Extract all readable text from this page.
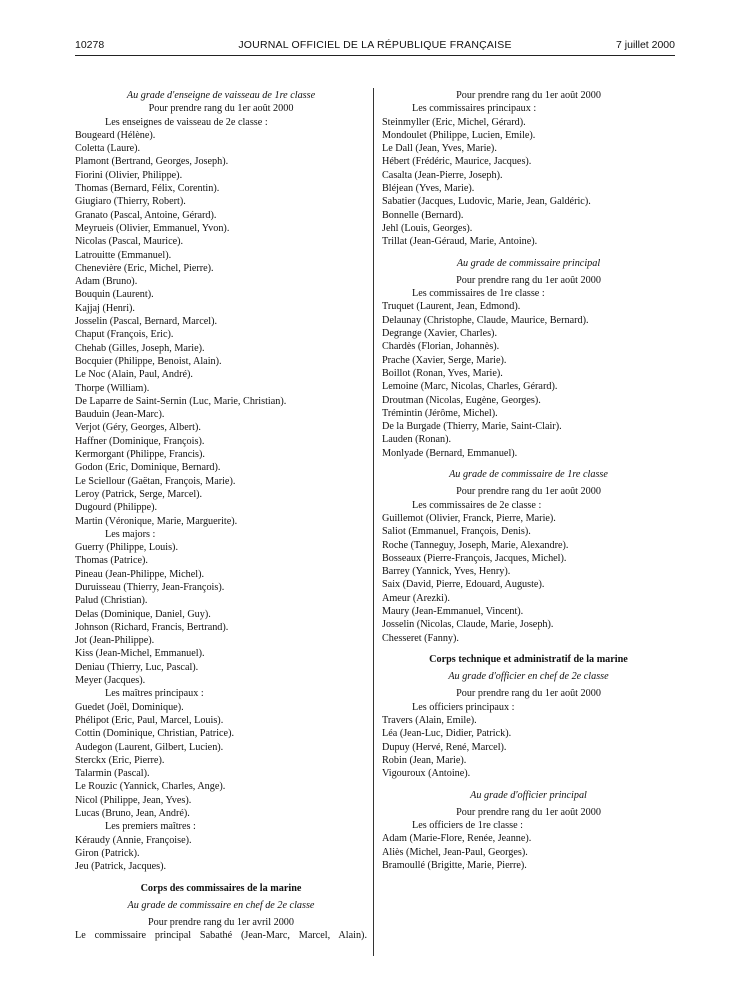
10278	JOURNAL OFFICIEL DE LA RÉPUBLIQUE FRANÇAISE	7 juillet 2000
Au grade d'enseigne de vaisseau de 1re classe
Pour prendre rang du 1er août 2000
Les enseignes de vaisseau de 2e classe :
Bougeard (Hélène).
Coletta (Laure).
Plamont (Bertrand, Georges, Joseph).
Fiorini (Olivier, Philippe).
Thomas (Bernard, Félix, Corentin).
Giugiaro (Thierry, Robert).
Granato (Pascal, Antoine, Gérard).
Meyrueis (Olivier, Emmanuel, Yvon).
Nicolas (Pascal, Maurice).
Latrouitte (Emmanuel).
Chenevière (Eric, Michel, Pierre).
Adam (Bruno).
Bouquin (Laurent).
Kajjaj (Henri).
Josselin (Pascal, Bernard, Marcel).
Chaput (François, Eric).
Chehab (Gilles, Joseph, Marie).
Bocquier (Philippe, Benoist, Alain).
Le Noc (Alain, Paul, André).
Thorpe (William).
De Laparre de Saint-Sernin (Luc, Marie, Christian).
Bauduin (Jean-Marc).
Verjot (Géry, Georges, Albert).
Haffner (Dominique, François).
Kermorgant (Philippe, Francis).
Godon (Eric, Dominique, Bernard).
Le Sciellour (Gaëtan, François, Marie).
Leroy (Patrick, Serge, Marcel).
Dugourd (Philippe).
Martin (Véronique, Marie, Marguerite).
Les majors :
Guerry (Philippe, Louis).
Thomas (Patrice).
Pineau (Jean-Philippe, Michel).
Duruisseau (Thierry, Jean-François).
Palud (Christian).
Delas (Dominique, Daniel, Guy).
Johnson (Richard, Francis, Bertrand).
Jot (Jean-Philippe).
Kiss (Jean-Michel, Emmanuel).
Deniau (Thierry, Luc, Pascal).
Meyer (Jacques).
Les maîtres principaux :
Guedet (Joël, Dominique).
Phélipot (Eric, Paul, Marcel, Louis).
Cottin (Dominique, Christian, Patrice).
Audegon (Laurent, Gilbert, Lucien).
Sterckx (Eric, Pierre).
Talarmin (Pascal).
Le Rouzic (Yannick, Charles, Ange).
Nicol (Philippe, Jean, Yves).
Lucas (Bruno, Jean, André).
Les premiers maîtres :
Kéraudy (Annie, Françoise).
Giron (Patrick).
Jeu (Patrick, Jacques).
Corps des commissaires de la marine
Au grade de commissaire en chef de 2e classe
Pour prendre rang du 1er avril 2000
Le commissaire principal Sabathé (Jean-Marc, Marcel, Alain).
Pour prendre rang du 1er août 2000
Les commissaires principaux :
Steinmyller (Eric, Michel, Gérard).
Mondoulet (Philippe, Lucien, Emile).
Le Dall (Jean, Yves, Marie).
Hébert (Frédéric, Maurice, Jacques).
Casalta (Jean-Pierre, Joseph).
Bléjean (Yves, Marie).
Sabatier (Jacques, Ludovic, Marie, Jean, Galdéric).
Bonnelle (Bernard).
Jehl (Louis, Georges).
Trillat (Jean-Géraud, Marie, Antoine).
Au grade de commissaire principal
Pour prendre rang du 1er août 2000
Les commissaires de 1re classe :
Truquet (Laurent, Jean, Edmond).
Delaunay (Christophe, Claude, Maurice, Bernard).
Degrange (Xavier, Charles).
Chardès (Florian, Johannès).
Prache (Xavier, Serge, Marie).
Boillot (Ronan, Yves, Marie).
Lemoine (Marc, Nicolas, Charles, Gérard).
Droutman (Nicolas, Eugène, Georges).
Trémintin (Jérôme, Michel).
De la Burgade (Thierry, Marie, Saint-Clair).
Lauden (Ronan).
Monlyade (Bernard, Emmanuel).
Au grade de commissaire de 1re classe
Pour prendre rang du 1er août 2000
Les commissaires de 2e classe :
Guillemot (Olivier, Franck, Pierre, Marie).
Saliot (Emmanuel, François, Denis).
Roche (Tanneguy, Joseph, Marie, Alexandre).
Bosseaux (Pierre-François, Jacques, Michel).
Barrey (Yannick, Yves, Henry).
Saix (David, Pierre, Edouard, Auguste).
Ameur (Arezki).
Maury (Jean-Emmanuel, Vincent).
Josselin (Nicolas, Claude, Marie, Joseph).
Chesseret (Fanny).
Corps technique et administratif de la marine
Au grade d'officier en chef de 2e classe
Pour prendre rang du 1er août 2000
Les officiers principaux :
Travers (Alain, Emile).
Léa (Jean-Luc, Didier, Patrick).
Dupuy (Hervé, René, Marcel).
Robin (Jean, Marie).
Vigouroux (Antoine).
Au grade d'officier principal
Pour prendre rang du 1er août 2000
Les officiers de 1re classe :
Adam (Marie-Flore, Renée, Jeanne).
Aliès (Michel, Jean-Paul, Georges).
Bramoullé (Brigitte, Marie, Pierre).
